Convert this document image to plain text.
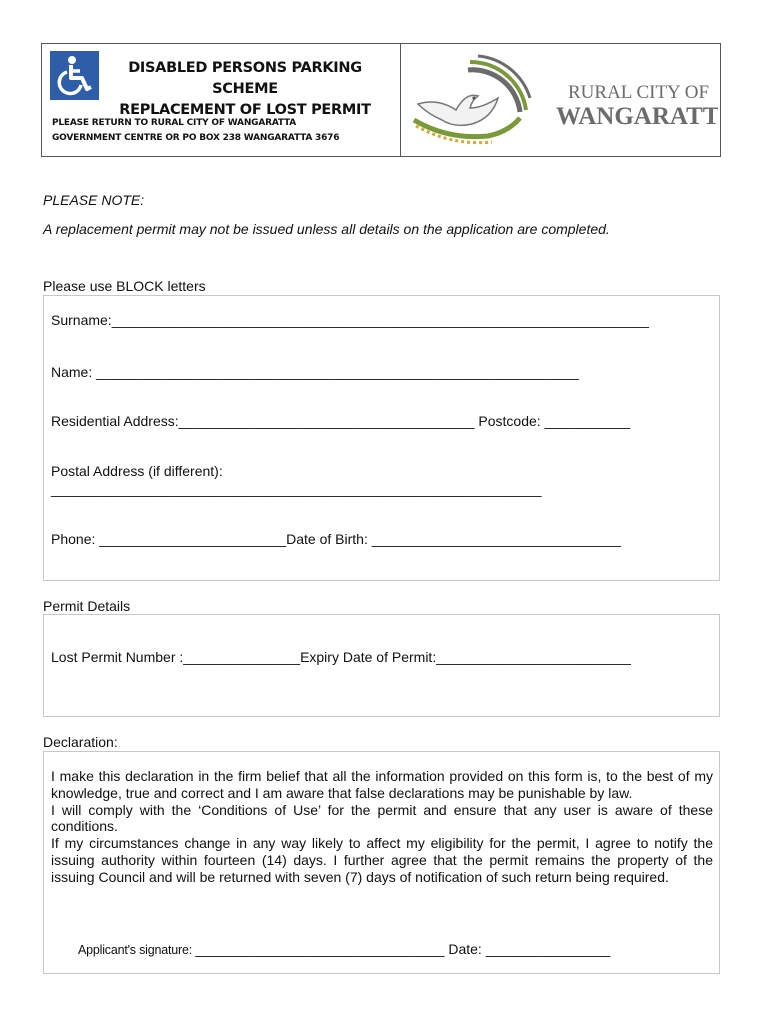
DISABLED PERSONS PARKING SCHEME
REPLACEMENT OF LOST PERMIT
PLEASE RETURN TO RURAL CITY OF WANGARATTA
GOVERNMENT CENTRE OR PO BOX 238 WANGARATTA 3676
RURAL CITY OF
WANGARATTA
PLEASE NOTE:
A replacement permit may not be issued unless all details on the application are completed.
Please use BLOCK letters
Surname:_____________________________________________________________________
Name: ______________________________________________________________
Residential Address:______________________________________ Postcode: ___________
Postal Address (if different):
_______________________________________________________________
Phone: ________________________Date of Birth: ________________________________
Permit Details
Lost Permit Number :_______________Expiry Date of Permit:_________________________
Declaration:

I make this declaration in the firm belief that all the information provided on this form is, to the best of my knowledge, true and correct and I am aware that false declarations may be punishable by law.

I will comply with the ‘Conditions of Use’ for the permit and ensure that any user is aware of these conditions.

If my circumstances change in any way likely to affect my eligibility for the permit, I agree to notify the issuing authority within fourteen (14) days. I further agree that the permit remains the property of the issuing Council and will be returned with seven (7) days of notification of such return being required.

Applicant's signature: ________________________________ Date: ________________
